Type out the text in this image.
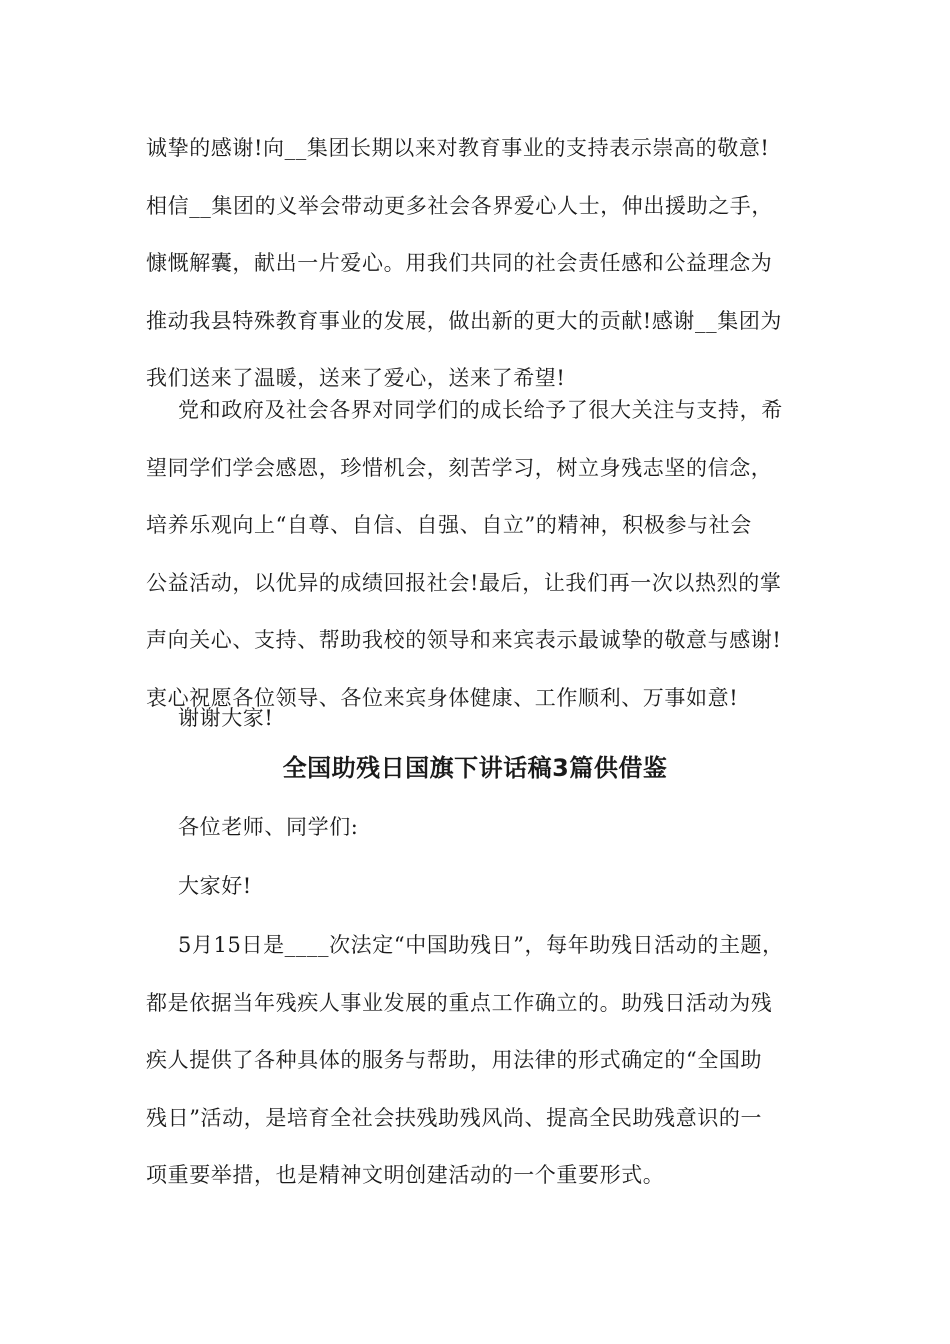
诚挚的感谢!向__集团长期以来对教育事业的支持表示崇高的敬意!
相信__集团的义举会带动更多社会各界爱心人士，伸出援助之手，
慷慨解囊，献出一片爱心。用我们共同的社会责任感和公益理念为
推动我县特殊教育事业的发展，做出新的更大的贡献!感谢__集团为
我们送来了温暖，送来了爱心，送来了希望!
党和政府及社会各界对同学们的成长给予了很大关注与支持，希
望同学们学会感恩，珍惜机会，刻苦学习，树立身残志坚的信念，
培养乐观向上“自尊、自信、自强、自立”的精神，积极参与社会
公益活动，以优异的成绩回报社会!最后，让我们再一次以热烈的掌
声向关心、支持、帮助我校的领导和来宾表示最诚挚的敬意与感谢!
衷心祝愿各位领导、各位来宾身体健康、工作顺利、万事如意!
谢谢大家!
全国助残日国旗下讲话稿3篇供借鉴
各位老师、同学们:
大家好!
5月15日是____次法定“中国助残日”，每年助残日活动的主题，
都是依据当年残疾人事业发展的重点工作确立的。助残日活动为残
疾人提供了各种具体的服务与帮助，用法律的形式确定的“全国助
残日”活动，是培育全社会扶残助残风尚、提高全民助残意识的一
项重要举措，也是精神文明创建活动的一个重要形式。
